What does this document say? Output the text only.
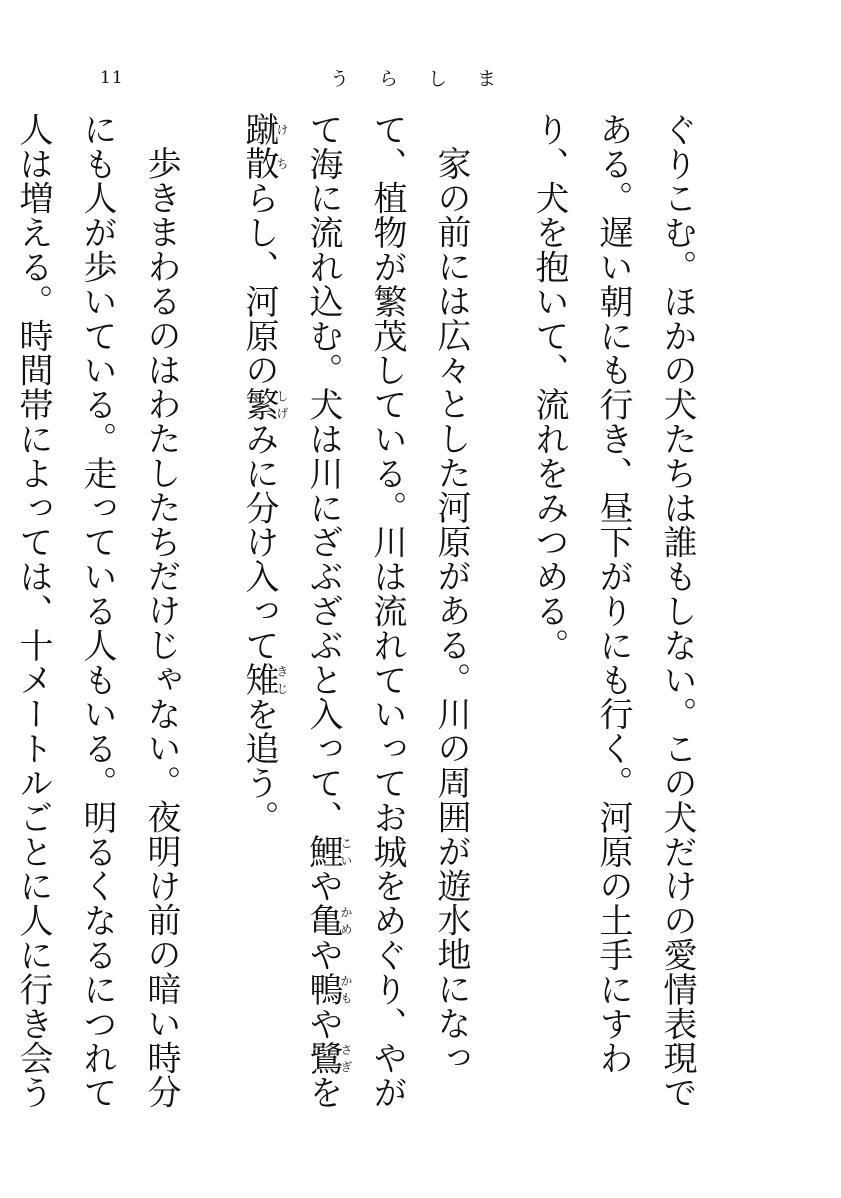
11	うらしま

ぐりこむ。ほかの犬たちは誰もしない。この犬だけの愛情表現である。遅い朝にも行き、昼下がりにも行く。河原の土手にすわり、犬を抱いて、流れをみつめる。

家の前には広々とした河原がある。川の周囲が遊水地になって、植物が繁茂している。川は流れていってお城をめぐり、やがて海に流れ込む。犬は川にざぶざぶと入って、鯉こいや亀かめや鴨かもや鷺さぎを蹴け散ちらし、河原の繁しげみに分け入って雉きじを追う。

歩きまわるのはわたしたちだけじゃない。夜明け前の暗い時分にも人が歩いている。走っている人もいる。明るくなるにつれて人は増える。時間帯によっては、十メートルごとに人に行き会う
